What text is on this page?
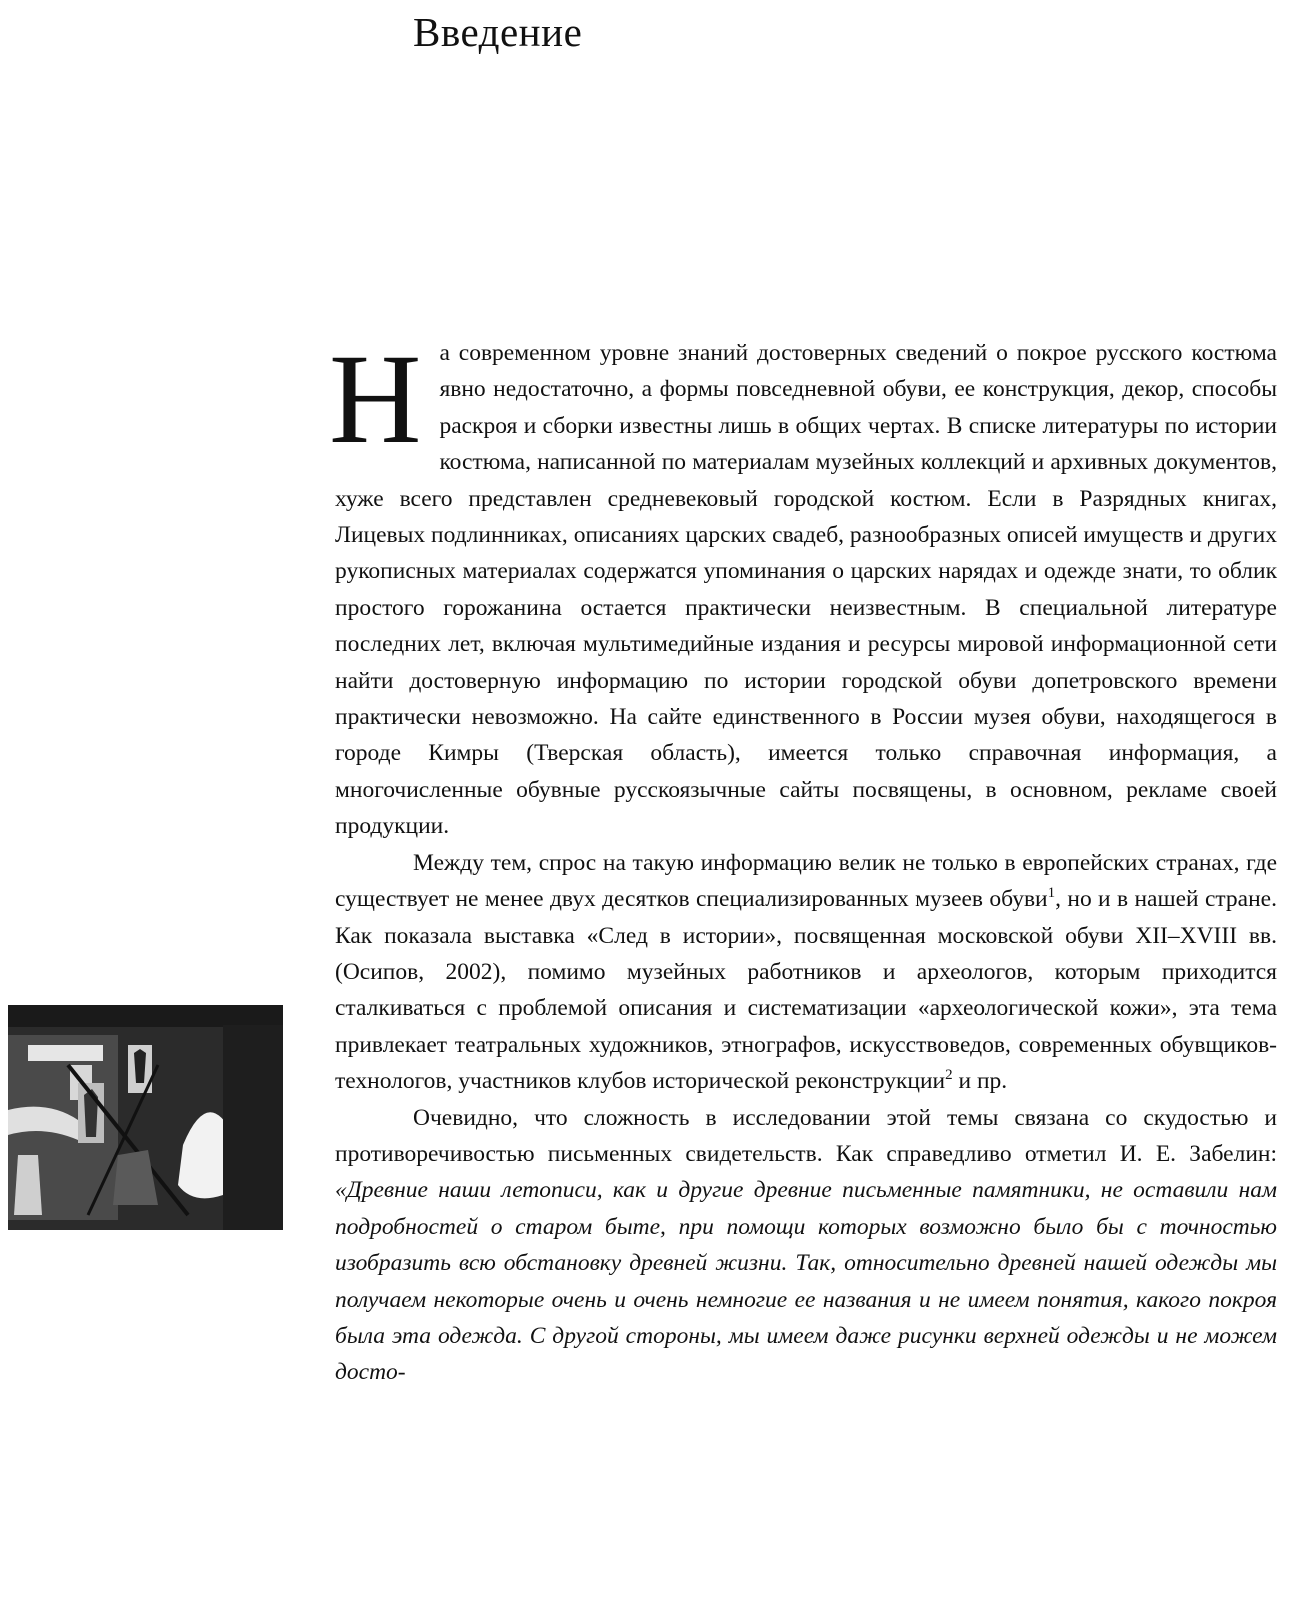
Введение

На современном уровне знаний достоверных сведений о покрое русского костюма явно недостаточно, а формы повседневной обуви, ее конструкция, декор, способы раскроя и сборки известны лишь в общих чертах. В списке литературы по истории костюма, написанной по материалам музейных коллекций и архивных документов, хуже всего представлен средневековый городской костюм. Если в Разрядных книгах, Лицевых подлинниках, описаниях царских свадеб, разнообразных описей имуществ и других рукописных материалах содержатся упоминания о царских нарядах и одежде знати, то облик простого горожанина остается практически неизвестным. В специальной литературе последних лет, включая мультимедийные издания и ресурсы мировой информационной сети найти достоверную информацию по истории городской обуви допетровского времени практически невозможно. На сайте единственного в России музея обуви, находящегося в городе Кимры (Тверская область), имеется только справочная информация, а многочисленные обувные русскоязычные сайты посвящены, в основном, рекламе своей продукции.

Между тем, спрос на такую информацию велик не только в европейских странах, где существует не менее двух десятков специализированных музеев обуви$^1$, но и в нашей стране. Как показала выставка «След в истории», посвященная московской обуви XII–XVIII вв. (Осипов, 2002), помимо музейных работников и археологов, которым приходится сталкиваться с проблемой описания и систематизации «археологической кожи», эта тема привлекает театральных художников, этнографов, искусствоведов, современных обувщиков-технологов, участников клубов исторической реконструкции$^2$ и пр.

Очевидно, что сложность в исследовании этой темы связана со скудостью и противоречивостью письменных свидетельств. Как справедливо отметил И. Е. Забелин: «Древние наши летописи, как и другие древние письменные памятники, не оставили нам подробностей о старом быте, при помощи которых возможно было бы с точностью изобразить всю обстановку древней жизни. Так, относительно древней нашей одежды мы получаем некоторые очень и очень немногие ее названия и не имеем понятия, какого покроя была эта одежда. С другой стороны, мы имеем даже рисунки верхней одежды и не можем досто-
